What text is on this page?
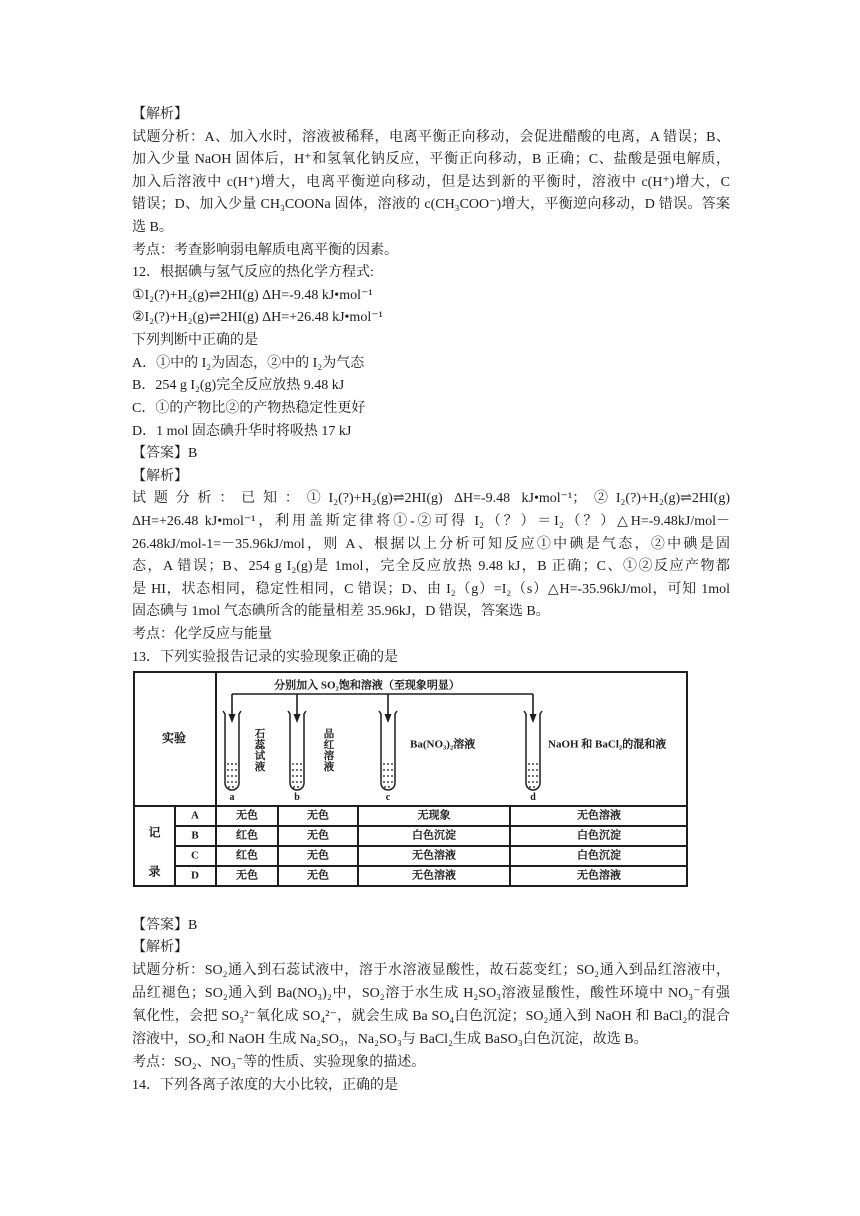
【解析】
试题分析：A、加入水时，溶液被稀释，电离平衡正向移动，会促进醋酸的电离，A 错误；B、
加入少量 NaOH 固体后，H⁺和氢氧化钠反应，平衡正向移动，B 正确；C、盐酸是强电解质，
加入后溶液中 c(H⁺)增大，电离平衡逆向移动，但是达到新的平衡时，溶液中 c(H⁺)增大，C
错误；D、加入少量 CH₃COONa 固体，溶液的 c(CH₃COO⁻)增大，平衡逆向移动，D 错误。答案
选 B。
考点：考查影响弱电解质电离平衡的因素。
12．根据碘与氢气反应的热化学方程式:
①I₂(?)+H₂(g)⇌2HI(g) ΔH=-9.48 kJ•mol⁻¹
②I₂(?)+H₂(g)⇌2HI(g) ΔH=+26.48 kJ•mol⁻¹
下列判断中正确的是
A．①中的 I₂为固态，②中的 I₂为气态
B．254 g I₂(g)完全反应放热 9.48 kJ
C．①的产物比②的产物热稳定性更好
D．1 mol 固态碘升华时将吸热 17 kJ
【答案】B
【解析】
试题分析：已知：①I₂(?)+H₂(g)⇌2HI(g) ΔH=-9.48 kJ•mol⁻¹；②I₂(?)+H₂(g)⇌2HI(g)
ΔH=+26.48 kJ•mol⁻¹，利用盖斯定律将①-②可得 I₂（？）＝I₂（？）△H=-9.48kJ/mol－
26.48kJ/mol-1=－35.96kJ/mol，则 A、根据以上分析可知反应①中碘是气态，②中碘是固
态，A 错误；B、254 g I₂(g)是 1mol，完全反应放热 9.48 kJ，B 正确；C、①②反应产物都
是 HI，状态相同，稳定性相同，C 错误；D、由 I₂（g）=I₂（s）△H=-35.96kJ/mol，可知 1mol
固态碘与 1mol 气态碘所含的能量相差 35.96kJ，D 错误，答案选 B。
考点：化学反应与能量
13．下列实验报告记录的实验现象正确的是
分别加入 SO₂饱和溶液（至现象明显）
实验	石蕊试液	品红溶液	Ba(NO₃)₂溶液	NaOH 和 BaCl₂的混和液
a	b	c	d
记录
A	无色	无色	无现象	无色溶液
B	红色	无色	白色沉淀	白色沉淀
C	红色	无色	无色溶液	白色沉淀
D	无色	无色	无色溶液	无色溶液
【答案】B
【解析】
试题分析：SO₂通入到石蕊试液中，溶于水溶液显酸性，故石蕊变红；SO₂通入到品红溶液中，
品红褪色；SO₂通入到 Ba(NO₃)₂中，SO₂溶于水生成 H₂SO₃溶液显酸性，酸性环境中 NO₃⁻有强
氧化性，会把 SO₃²⁻氧化成 SO₄²⁻，就会生成 Ba SO₄白色沉淀；SO₂通入到 NaOH 和 BaCl₂的混合
溶液中，SO₂和 NaOH 生成 Na₂SO₃，Na₂SO₃与 BaCl₂生成 BaSO₃白色沉淀，故选 B。
考点：SO₂、NO₃⁻等的性质、实验现象的描述。
14．下列各离子浓度的大小比较，正确的是
